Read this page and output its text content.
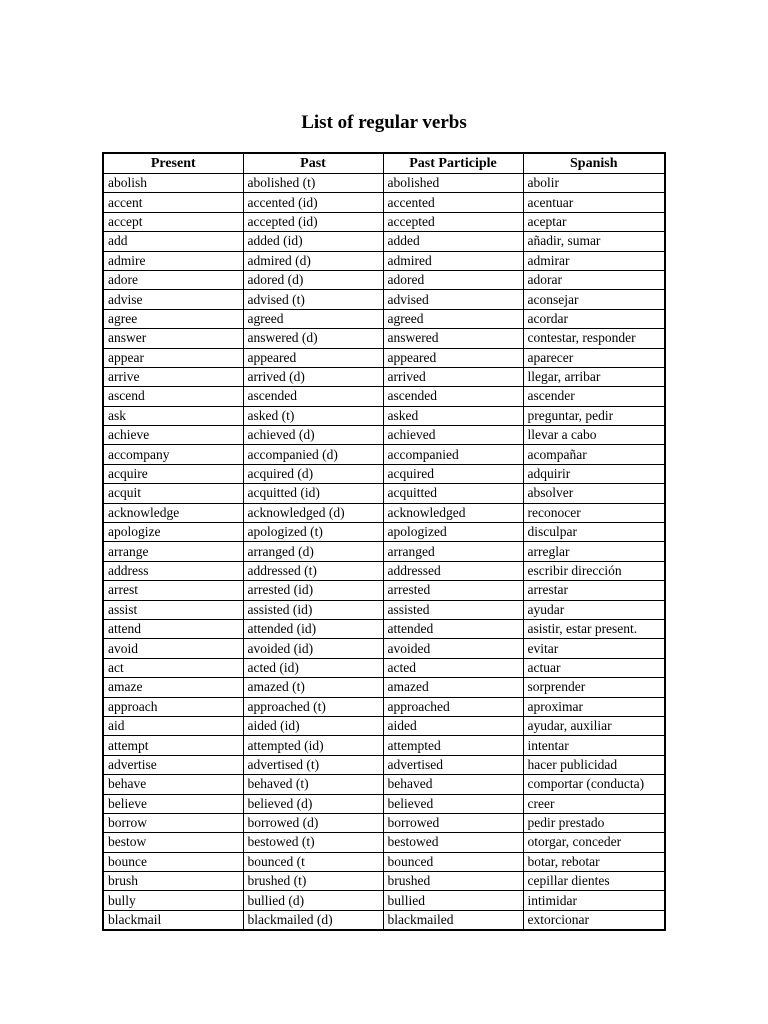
List of regular verbs
Present	Past	Past Participle	Spanish
abolish	abolished (t)	abolished	abolir
accent	accented (id)	accented	acentuar
accept	accepted (id)	accepted	aceptar
add	added (id)	added	añadir, sumar
admire	admired (d)	admired	admirar
adore	adored (d)	adored	adorar
advise	advised (t)	advised	aconsejar
agree	agreed	agreed	acordar
answer	answered (d)	answered	contestar, responder
appear	appeared	appeared	aparecer
arrive	arrived (d)	arrived	llegar, arribar
ascend	ascended	ascended	ascender
ask	asked (t)	asked	preguntar, pedir
achieve	achieved (d)	achieved	llevar a cabo
accompany	accompanied (d)	accompanied	acompañar
acquire	acquired (d)	acquired	adquirir
acquit	acquitted (id)	acquitted	absolver
acknowledge	acknowledged (d)	acknowledged	reconocer
apologize	apologized (t)	apologized	disculpar
arrange	arranged (d)	arranged	arreglar
address	addressed (t)	addressed	escribir dirección
arrest	arrested (id)	arrested	arrestar
assist	assisted (id)	assisted	ayudar
attend	attended (id)	attended	asistir, estar present.
avoid	avoided (id)	avoided	evitar
act	acted (id)	acted	actuar
amaze	amazed (t)	amazed	sorprender
approach	approached (t)	approached	aproximar
aid	aided (id)	aided	ayudar, auxiliar
attempt	attempted (id)	attempted	intentar
advertise	advertised (t)	advertised	hacer publicidad
behave	behaved (t)	behaved	comportar (conducta)
believe	believed (d)	believed	creer
borrow	borrowed (d)	borrowed	pedir prestado
bestow	bestowed (t)	bestowed	otorgar, conceder
bounce	bounced (t	bounced	botar, rebotar
brush	brushed (t)	brushed	cepillar dientes
bully	bullied (d)	bullied	intimidar
blackmail	blackmailed (d)	blackmailed	extorcionar
